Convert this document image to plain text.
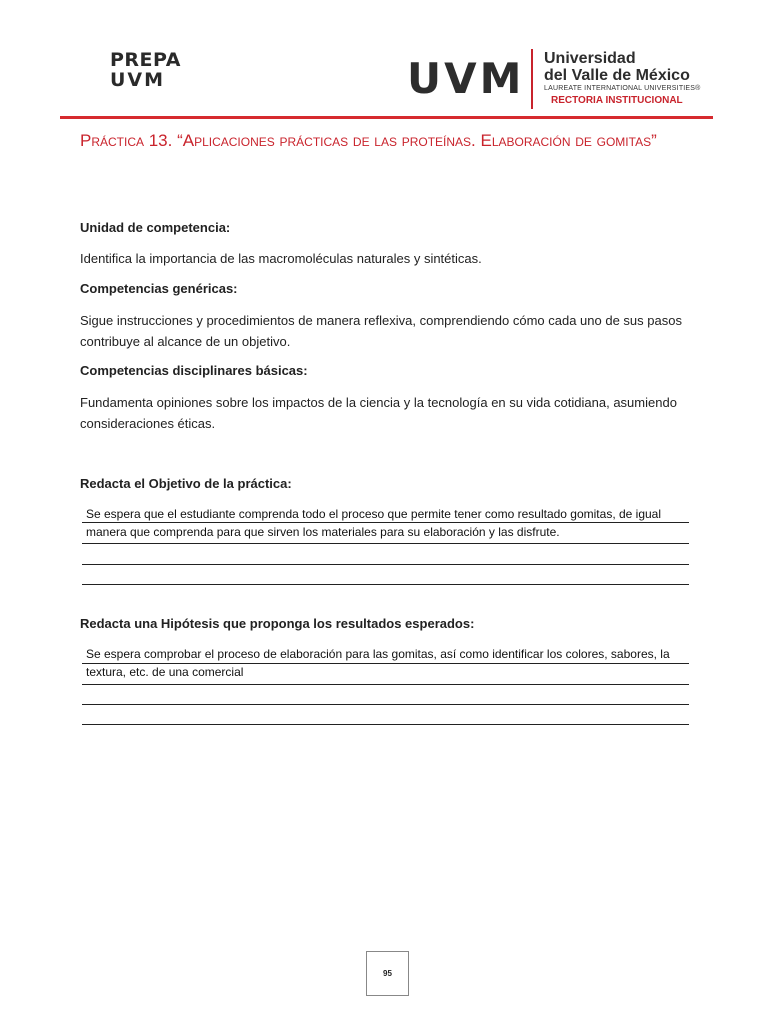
PREPA
UVM	UVM Universidad
del Valle de México
LAUREATE INTERNATIONAL UNIVERSITIES®
RECTORIA INSTITUCIONAL
Práctica 13. “Aplicaciones prácticas de las proteínas. Elaboración de gomitas”
Unidad de competencia:
Identifica la importancia de las macromoléculas naturales y sintéticas.
Competencias genéricas:
Sigue instrucciones y procedimientos de manera reflexiva, comprendiendo cómo cada uno de sus pasos contribuye al alcance de un objetivo.
Competencias disciplinares básicas:
Fundamenta opiniones sobre los impactos de la ciencia y la tecnología en su vida cotidiana, asumiendo consideraciones éticas.
Redacta el Objetivo de la práctica:
Se espera que el estudiante comprenda todo el proceso que permite tener como resultado gomitas, de igual manera que comprenda para que sirven los materiales para su elaboración y las disfrute.
Redacta una Hipótesis que proponga los resultados esperados:
Se espera comprobar el proceso de elaboración para las gomitas, así como identificar los colores, sabores, la textura, etc. de una comercial
95
